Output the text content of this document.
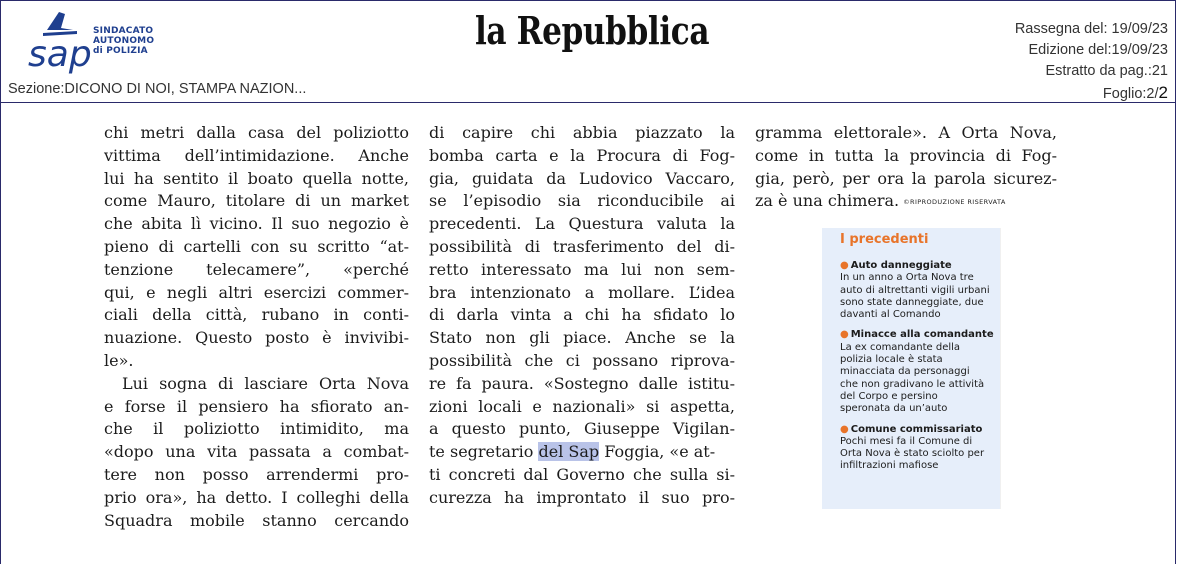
sap
SINDACATO
AUTONOMO
di POLIZIA	la Repubblica	Rassegna del: 19/09/23
Edizione del:19/09/23
Estratto da pag.:21
Foglio:2/2
Sezione:DICONO DI NOI, STAMPA NAZION...
chi metri dalla casa del poliziotto
vittima dell’intimidazione. Anche
lui ha sentito il boato quella notte,
come Mauro, titolare di un market
che abita lì vicino. Il suo negozio è
pieno di cartelli con su scritto “at-
tenzione telecamere”, «perché
qui, e negli altri esercizi commer-
ciali della città, rubano in conti-
nuazione. Questo posto è invivibi-
le».
Lui sogna di lasciare Orta Nova
e forse il pensiero ha sfiorato an-
che il poliziotto intimidito, ma
«dopo una vita passata a combat-
tere non posso arrendermi pro-
prio ora», ha detto. I colleghi della
Squadra mobile stanno cercando
di capire chi abbia piazzato la
bomba carta e la Procura di Fog-
gia, guidata da Ludovico Vaccaro,
se l’episodio sia riconducibile ai
precedenti. La Questura valuta la
possibilità di trasferimento del di-
retto interessato ma lui non sem-
bra intenzionato a mollare. L’idea
di darla vinta a chi ha sfidato lo
Stato non gli piace. Anche se la
possibilità che ci possano riprova-
re fa paura. «Sostegno dalle istitu-
zioni locali e nazionali» si aspetta,
a questo punto, Giuseppe Vigilan-
te segretario del Sap Foggia, «e at-
ti concreti dal Governo che sulla si-
curezza ha improntato il suo pro-
gramma elettorale». A Orta Nova,
come in tutta la provincia di Fog-
gia, però, per ora la parola sicurez-
za è una chimera. ©RIPRODUZIONE RISERVATA
I precedenti
● Auto danneggiate
In un anno a Orta Nova tre
auto di altrettanti vigili urbani
sono state danneggiate, due
davanti al Comando
● Minacce alla comandante
La ex comandante della
polizia locale è stata
minacciata da personaggi
che non gradivano le attività
del Corpo e persino
speronata da un’auto
● Comune commissariato
Pochi mesi fa il Comune di
Orta Nova è stato sciolto per
infiltrazioni mafiose
